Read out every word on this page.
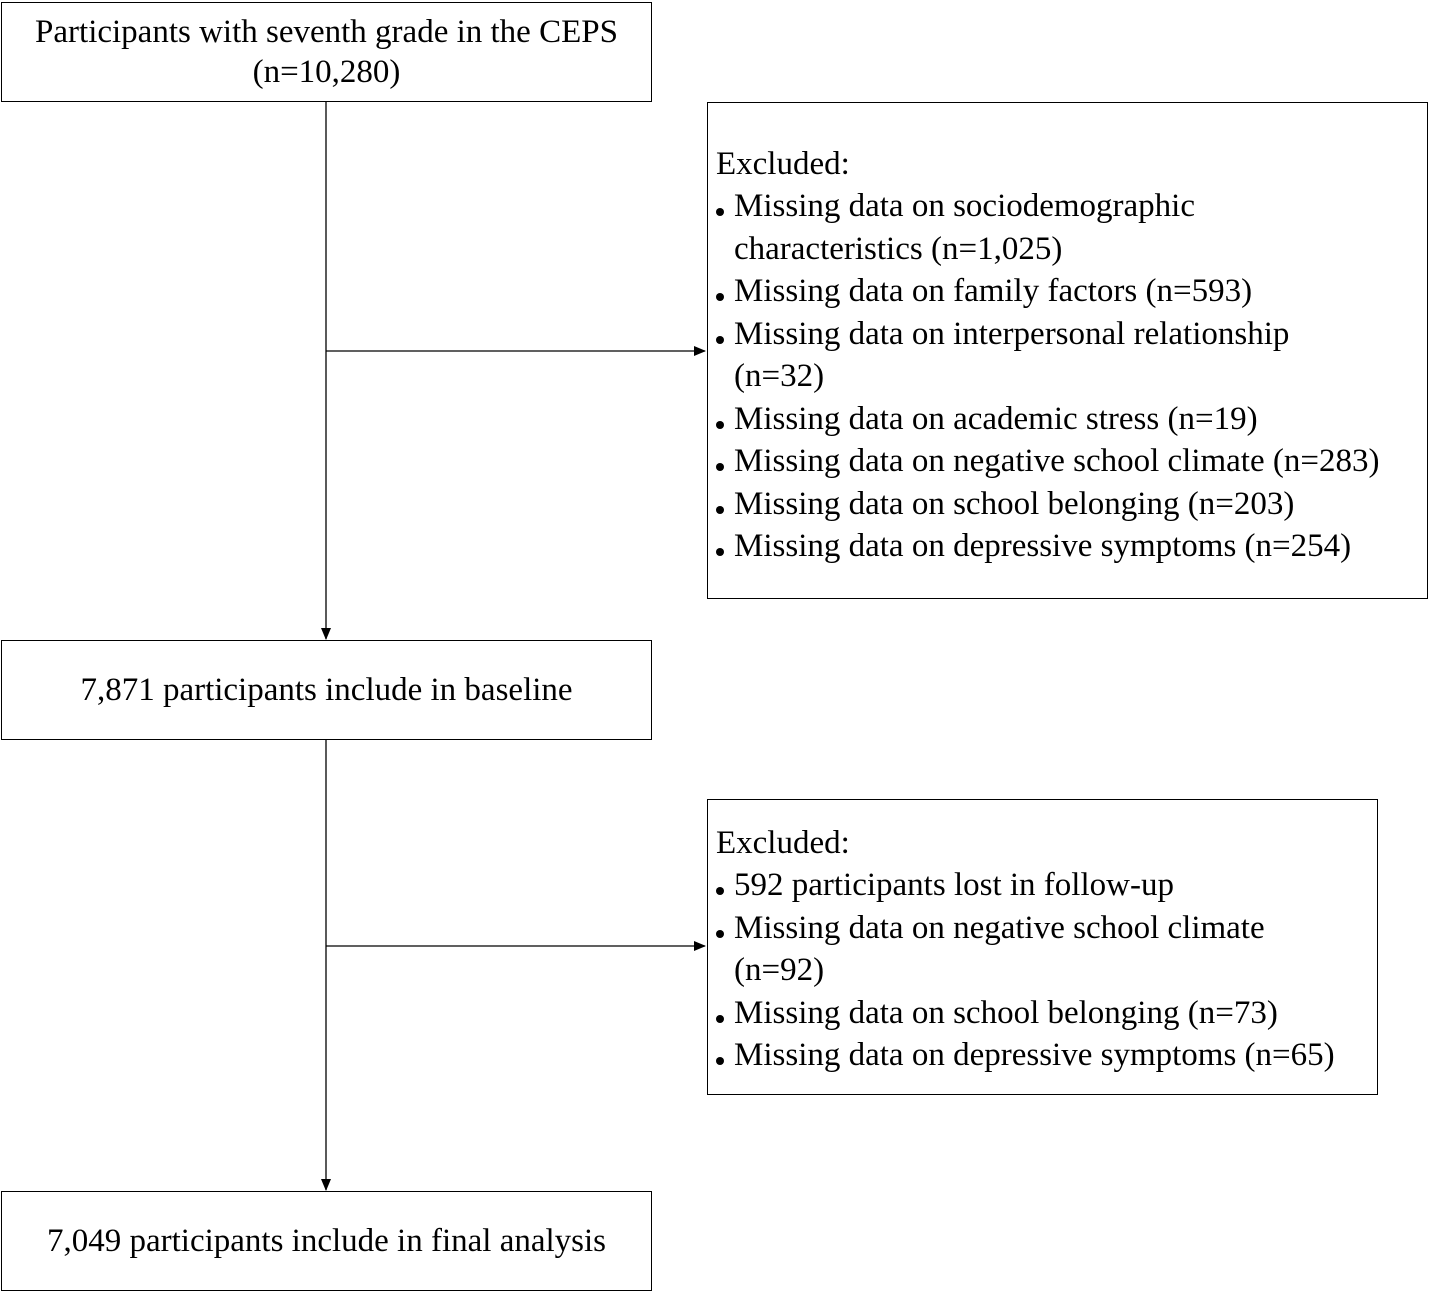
Participants with seventh grade in the CEPS
(n=10,280)
Excluded:
Missing data on sociodemographic
characteristics (n=1,025)
Missing data on family factors (n=593)
Missing data on interpersonal relationship
(n=32)
Missing data on academic stress (n=19)
Missing data on negative school climate (n=283)
Missing data on school belonging (n=203)
Missing data on depressive symptoms (n=254)
7,871 participants include in baseline
Excluded:
592 participants lost in follow-up
Missing data on negative school climate
(n=92)
Missing data on school belonging (n=73)
Missing data on depressive symptoms (n=65)
7,049 participants include in final analysis
